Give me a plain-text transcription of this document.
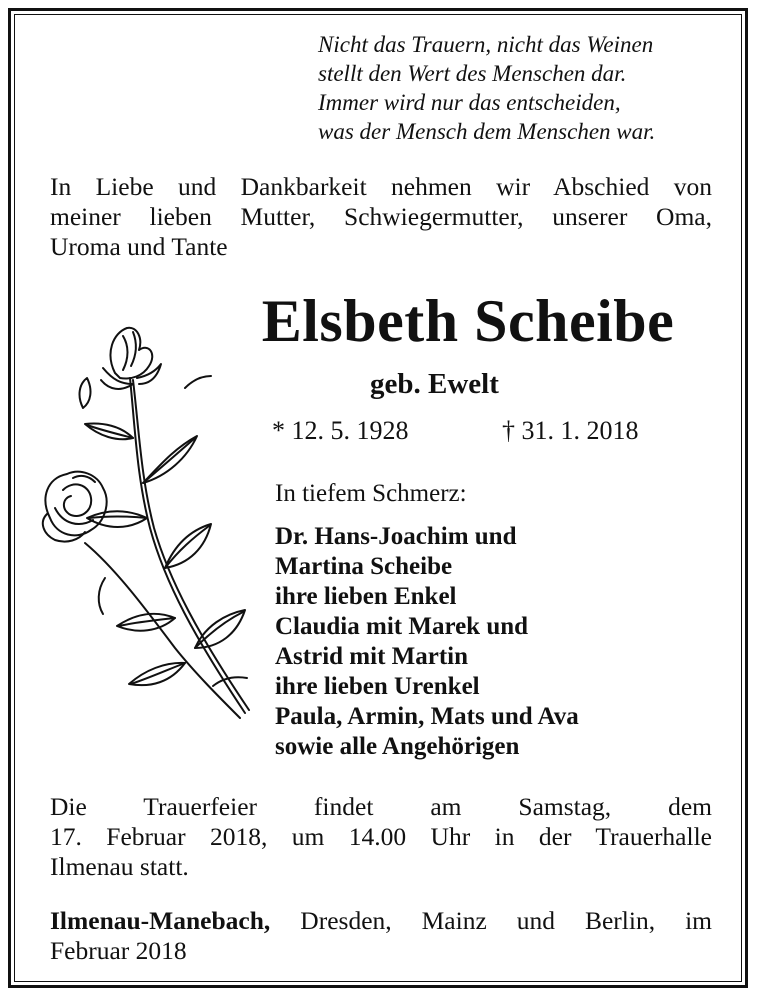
Nicht das Trauern, nicht das Weinen
stellt den Wert des Menschen dar.
Immer wird nur das entscheiden,
was der Mensch dem Menschen war.
In Liebe und Dankbarkeit nehmen wir Abschied von
meiner lieben Mutter, Schwiegermutter, unserer Oma,
Uroma und Tante
Elsbeth Scheibe
geb. Ewelt
* 12. 5. 1928	† 31. 1. 2018
In tiefem Schmerz:
Dr. Hans-Joachim und
Martina Scheibe
ihre lieben Enkel
Claudia mit Marek und
Astrid mit Martin
ihre lieben Urenkel
Paula, Armin, Mats und Ava
sowie alle Angehörigen
Die Trauerfeier findet am Samstag, dem
17. Februar 2018, um 14.00 Uhr in der Trauerhalle
Ilmenau statt.
Ilmenau-Manebach, Dresden, Mainz und Berlin, im
Februar 2018
